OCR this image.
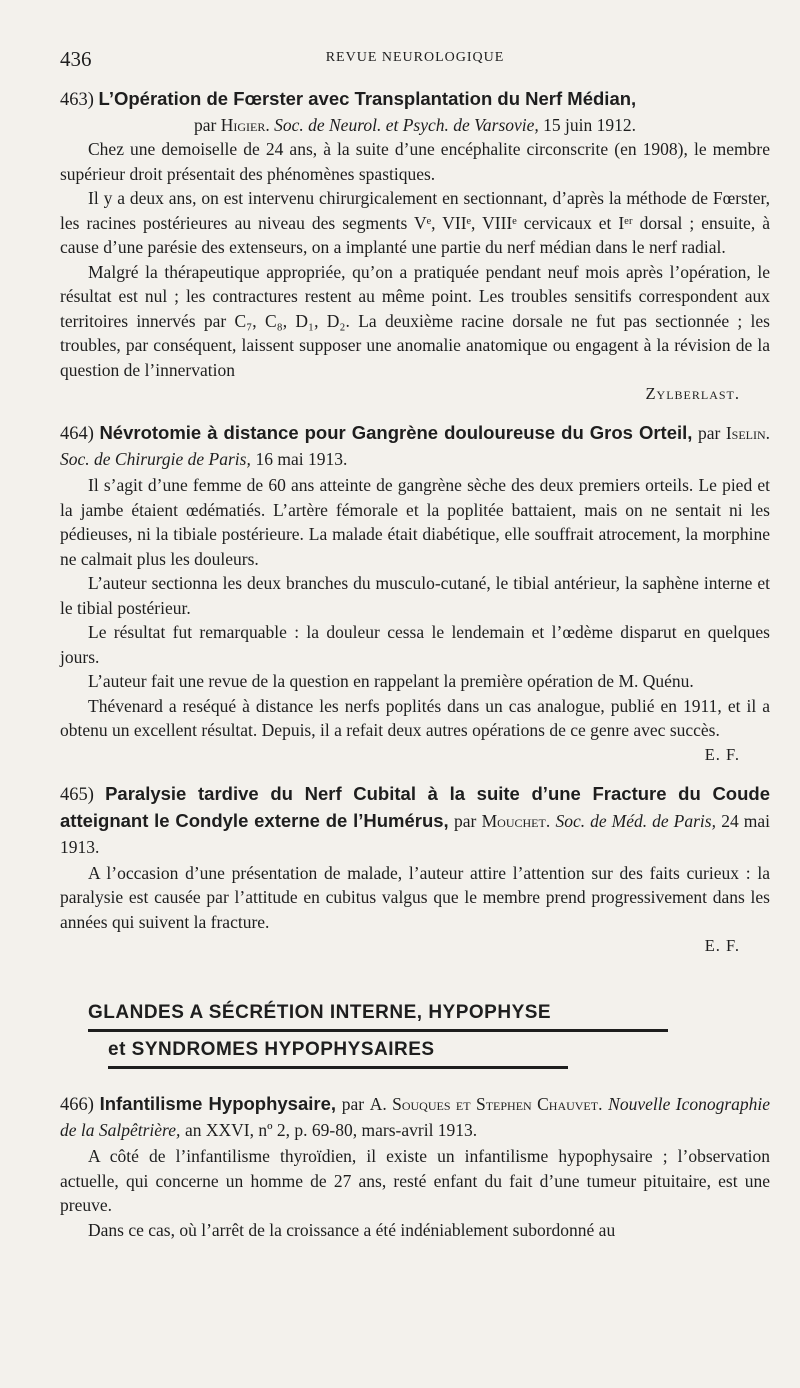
436	REVUE NEUROLOGIQUE
463) L’Opération de Fœrster avec Transplantation du Nerf Médian,
par Higier. Soc. de Neurol. et Psych. de Varsovie, 15 juin 1912.

Chez une demoiselle de 24 ans, à la suite d’une encéphalite circonscrite (en 1908), le membre supérieur droit présentait des phénomènes spastiques.

Il y a deux ans, on est intervenu chirurgicalement en sectionnant, d’après la méthode de Fœrster, les racines postérieures au niveau des segments Vᵉ, VIIᵉ, VIIIᵉ cervicaux et Iᵉʳ dorsal ; ensuite, à cause d’une parésie des extenseurs, on a implanté une partie du nerf médian dans le nerf radial.

Malgré la thérapeutique appropriée, qu’on a pratiquée pendant neuf mois après l’opération, le résultat est nul ; les contractures restent au même point. Les troubles sensitifs correspondent aux territoires innervés par C₇, C₈, D₁, D₂. La deuxième racine dorsale ne fut pas sectionnée ; les troubles, par conséquent, laissent supposer une anomalie anatomique ou engagent à la révision de la question de l’innervation

Zylberlast.
464) Névrotomie à distance pour Gangrène douloureuse du Gros Orteil, par Iselin. Soc. de Chirurgie de Paris, 16 mai 1913.

Il s’agit d’une femme de 60 ans atteinte de gangrène sèche des deux premiers orteils. Le pied et la jambe étaient œdématiés. L’artère fémorale et la poplitée battaient, mais on ne sentait ni les pédieuses, ni la tibiale postérieure. La malade était diabétique, elle souffrait atrocement, la morphine ne calmait plus les douleurs.

L’auteur sectionna les deux branches du musculo-cutané, le tibial antérieur, la saphène interne et le tibial postérieur.

Le résultat fut remarquable : la douleur cessa le lendemain et l’œdème disparut en quelques jours.

L’auteur fait une revue de la question en rappelant la première opération de M. Quénu.

Thévenard a reséqué à distance les nerfs poplités dans un cas analogue, publié en 1911, et il a obtenu un excellent résultat. Depuis, il a refait deux autres opérations de ce genre avec succès.

E. F.
465) Paralysie tardive du Nerf Cubital à la suite d’une Fracture du Coude atteignant le Condyle externe de l’Humérus, par Mouchet. Soc. de Méd. de Paris, 24 mai 1913.

A l’occasion d’une présentation de malade, l’auteur attire l’attention sur des faits curieux : la paralysie est causée par l’attitude en cubitus valgus que le membre prend progressivement dans les années qui suivent la fracture.

E. F.
GLANDES A SÉCRÉTION INTERNE, HYPOPHYSE
et SYNDROMES HYPOPHYSAIRES
466) Infantilisme Hypophysaire, par A. Souques et Stephen Chauvet. Nouvelle Iconographie de la Salpêtrière, an XXVI, nº 2, p. 69-80, mars-avril 1913.

A côté de l’infantilisme thyroïdien, il existe un infantilisme hypophysaire ; l’observation actuelle, qui concerne un homme de 27 ans, resté enfant du fait d’une tumeur pituitaire, est une preuve.

Dans ce cas, où l’arrêt de la croissance a été indéniablement subordonné au
